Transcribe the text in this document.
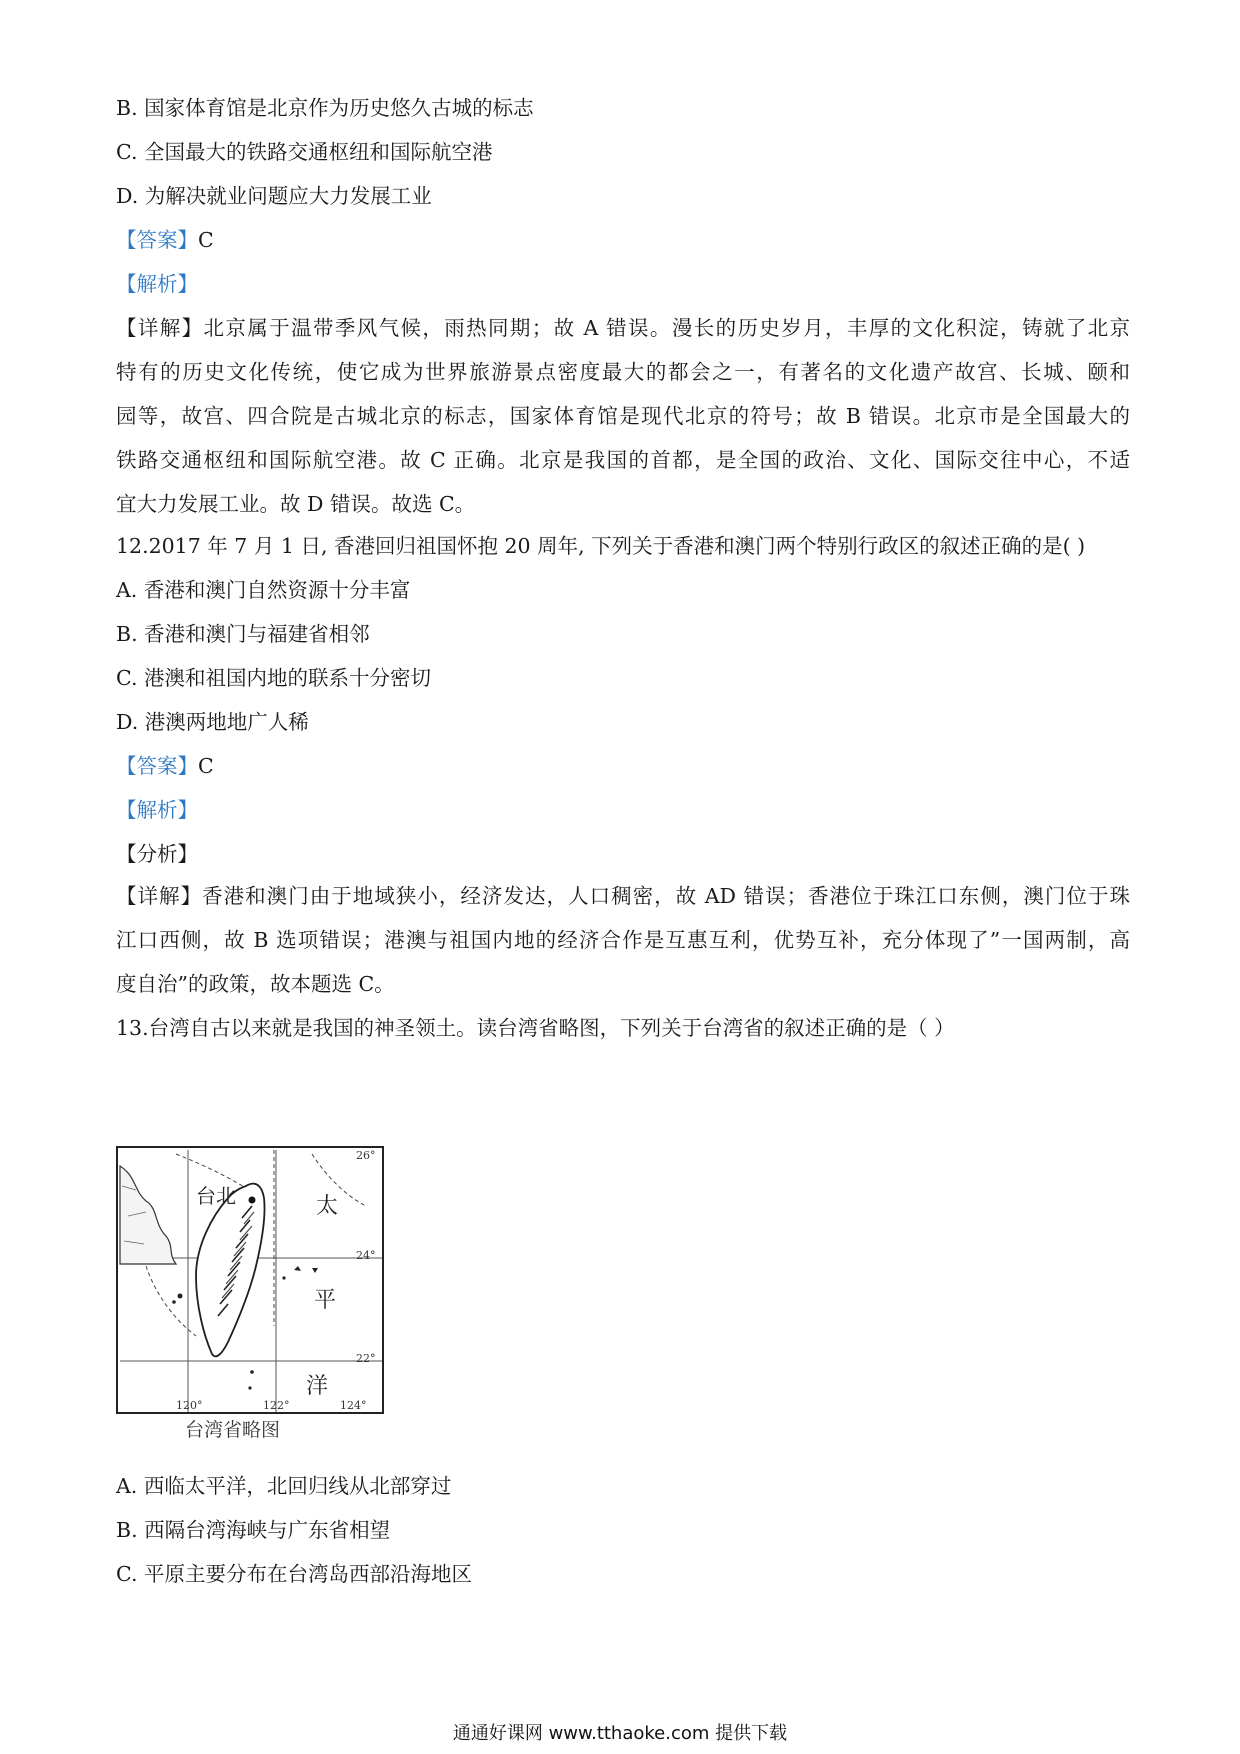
B. 国家体育馆是北京作为历史悠久古城的标志
C. 全国最大的铁路交通枢纽和国际航空港
D. 为解决就业问题应大力发展工业
【答案】C
【解析】
【详解】北京属于温带季风气候，雨热同期；故 A 错误。漫长的历史岁月，丰厚的文化积淀，铸就了北京
特有的历史文化传统，使它成为世界旅游景点密度最大的都会之一，有著名的文化遗产故宫、长城、颐和
园等，故宫、四合院是古城北京的标志，国家体育馆是现代北京的符号；故 B 错误。北京市是全国最大的
铁路交通枢纽和国际航空港。故 C 正确。北京是我国的首都，是全国的政治、文化、国际交往中心，不适
宜大力发展工业。故 D 错误。故选 C。
12.2017 年 7 月 1 日, 香港回归祖国怀抱 20 周年, 下列关于香港和澳门两个特别行政区的叙述正确的是( )
A. 香港和澳门自然资源十分丰富
B. 香港和澳门与福建省相邻
C. 港澳和祖国内地的联系十分密切
D. 港澳两地地广人稀
【答案】C
【解析】
【分析】
【详解】香港和澳门由于地域狭小，经济发达，人口稠密，故 AD 错误；香港位于珠江口东侧，澳门位于珠
江口西侧，故 B 选项错误；港澳与祖国内地的经济合作是互惠互利，优势互补，充分体现了”一国两制，高
度自治”的政策，故本题选 C。
13.台湾自古以来就是我国的神圣领土。读台湾省略图，下列关于台湾省的叙述正确的是（ ）
台北	太
平
洋
26°
24°
22°
120°	122°	124°
台湾省略图
A. 西临太平洋，北回归线从北部穿过
B. 西隔台湾海峡与广东省相望
C. 平原主要分布在台湾岛西部沿海地区
通通好课网 www.tthaoke.com 提供下载
